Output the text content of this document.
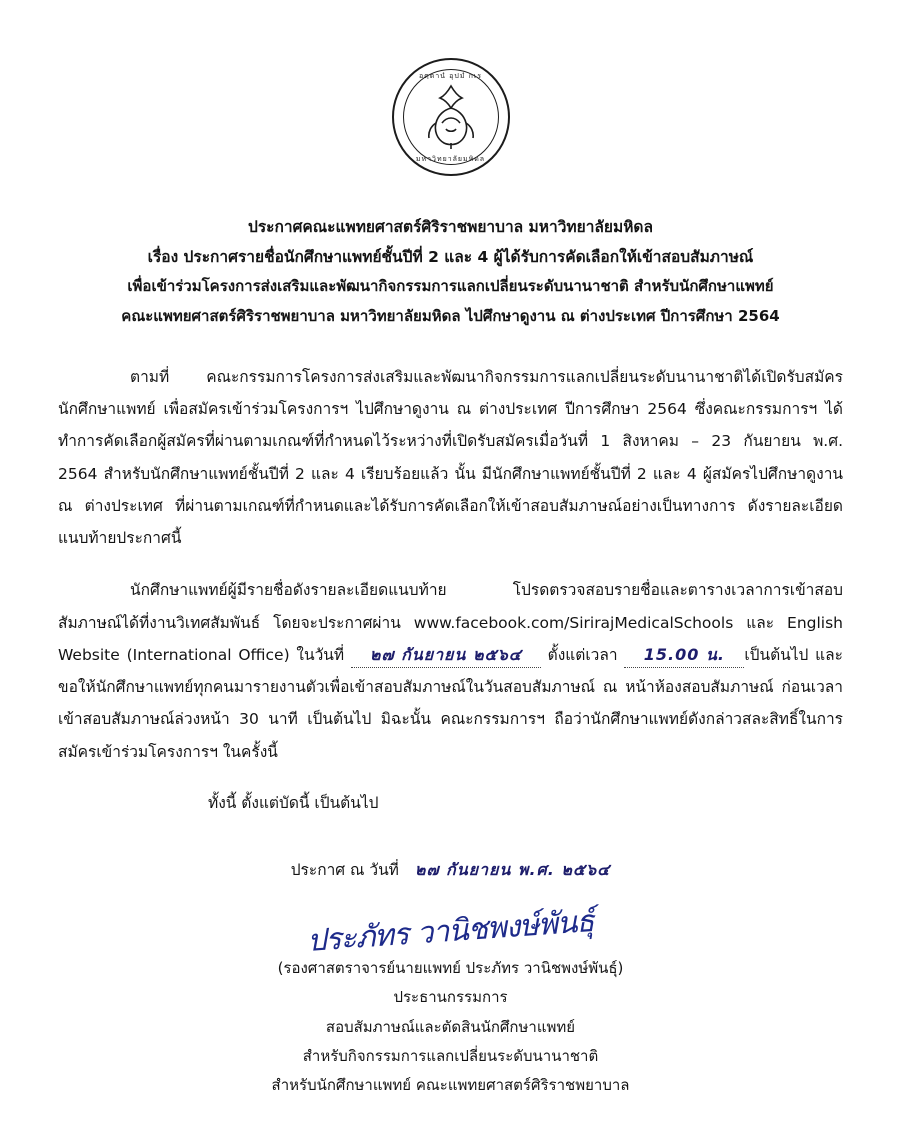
อตฺตานํ อุปมํ กเร
มหาวิทยาลัยมหิดล
ประกาศคณะแพทยศาสตร์ศิริราชพยาบาล มหาวิทยาลัยมหิดล
เรื่อง ประกาศรายชื่อนักศึกษาแพทย์ชั้นปีที่ 2 และ 4 ผู้ได้รับการคัดเลือกให้เข้าสอบสัมภาษณ์
เพื่อเข้าร่วมโครงการส่งเสริมและพัฒนากิจกรรมการแลกเปลี่ยนระดับนานาชาติ สำหรับนักศึกษาแพทย์
คณะแพทยศาสตร์ศิริราชพยาบาล มหาวิทยาลัยมหิดล ไปศึกษาดูงาน ณ ต่างประเทศ ปีการศึกษา 2564
ตามที่ คณะกรรมการโครงการส่งเสริมและพัฒนากิจกรรมการแลกเปลี่ยนระดับนานาชาติได้เปิดรับสมัครนักศึกษาแพทย์ เพื่อสมัครเข้าร่วมโครงการฯ ไปศึกษาดูงาน ณ ต่างประเทศ ปีการศึกษา 2564 ซึ่งคณะกรรมการฯ ได้ทำการคัดเลือกผู้สมัครที่ผ่านตามเกณฑ์ที่กำหนดไว้ระหว่างที่เปิดรับสมัครเมื่อวันที่ 1 สิงหาคม – 23 กันยายน พ.ศ. 2564 สำหรับนักศึกษาแพทย์ชั้นปีที่ 2 และ 4 เรียบร้อยแล้ว นั้น มีนักศึกษาแพทย์ชั้นปีที่ 2 และ 4 ผู้สมัครไปศึกษาดูงาน ณ ต่างประเทศ ที่ผ่านตามเกณฑ์ที่กำหนดและได้รับการคัดเลือกให้เข้าสอบสัมภาษณ์อย่างเป็นทางการ ดังรายละเอียดแนบท้ายประกาศนี้
นักศึกษาแพทย์ผู้มีรายชื่อดังรายละเอียดแนบท้าย โปรดตรวจสอบรายชื่อและตารางเวลาการเข้าสอบสัมภาษณ์ได้ที่งานวิเทศสัมพันธ์ โดยจะประกาศผ่าน www.facebook.com/SirirajMedicalSchools และ English Website (International Office) ในวันที่ ๒๗ กันยายน ๒๕๖๔ ตั้งแต่เวลา 15.00 น. เป็นต้นไป และขอให้นักศึกษาแพทย์ทุกคนมารายงานตัวเพื่อเข้าสอบสัมภาษณ์ในวันสอบสัมภาษณ์ ณ หน้าห้องสอบสัมภาษณ์ ก่อนเวลาเข้าสอบสัมภาษณ์ล่วงหน้า 30 นาที เป็นต้นไป มิฉะนั้น คณะกรรมการฯ ถือว่านักศึกษาแพทย์ดังกล่าวสละสิทธิ์ในการสมัครเข้าร่วมโครงการฯ ในครั้งนี้
ทั้งนี้ ตั้งแต่บัดนี้ เป็นต้นไป
ประกาศ ณ วันที่ ๒๗ กันยายน พ.ศ. ๒๕๖๔
ประภัทร วานิชพงษ์พันธุ์
(รองศาสตราจารย์นายแพทย์ ประภัทร วานิชพงษ์พันธุ์)
ประธานกรรมการ
สอบสัมภาษณ์และตัดสินนักศึกษาแพทย์
สำหรับกิจกรรมการแลกเปลี่ยนระดับนานาชาติ
สำหรับนักศึกษาแพทย์ คณะแพทยศาสตร์ศิริราชพยาบาล
